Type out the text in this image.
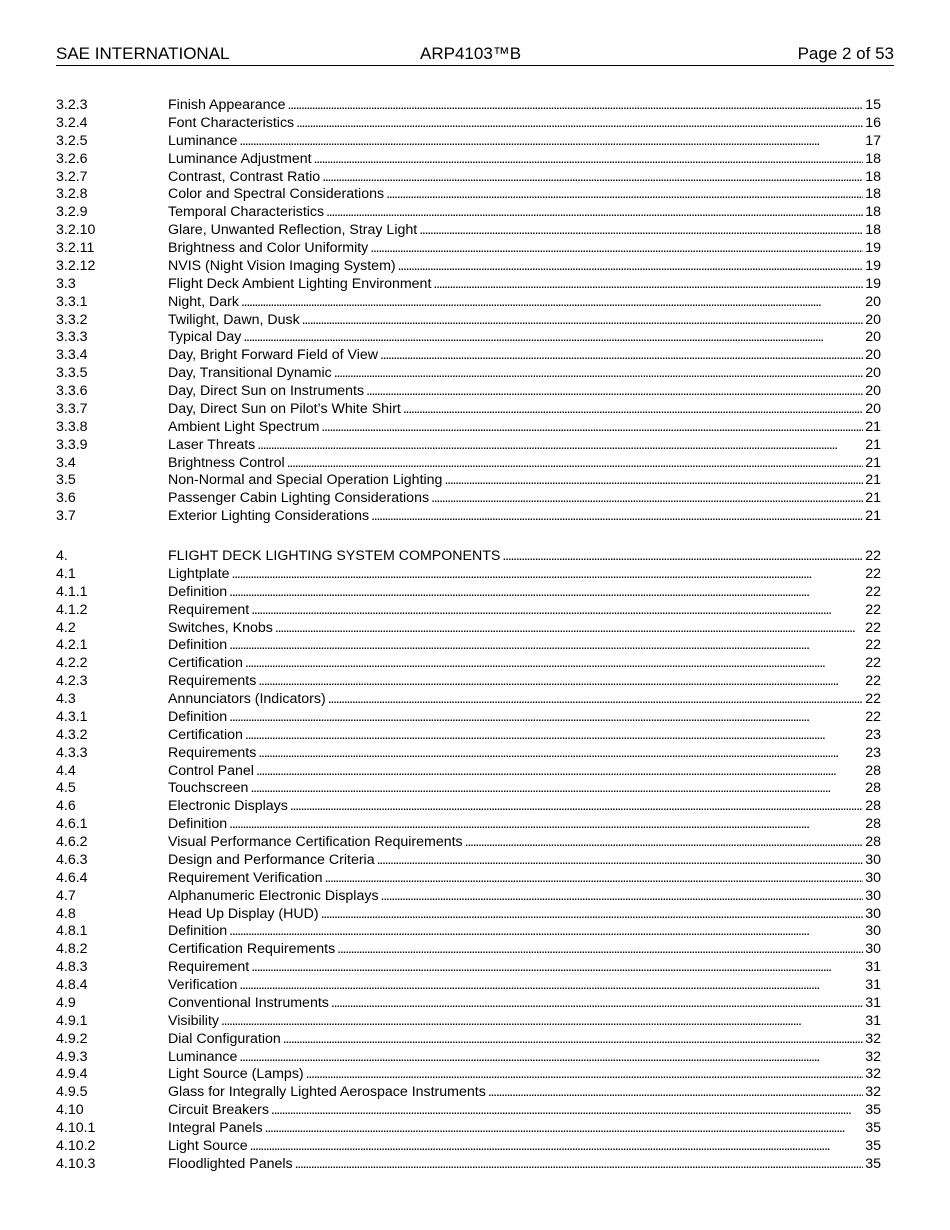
SAE INTERNATIONAL	ARP4103™B	Page 2 of 53
3.2.3	Finish Appearance . . .	15
3.2.4	Font Characteristics . . .	16
3.2.5	Luminance . . .	17
3.2.6	Luminance Adjustment . . .	18
3.2.7	Contrast, Contrast Ratio . . .	18
3.2.8	Color and Spectral Considerations . . .	18
3.2.9	Temporal Characteristics . . .	18
3.2.10	Glare, Unwanted Reflection, Stray Light . . .	18
3.2.11	Brightness and Color Uniformity . . .	19
3.2.12	NVIS (Night Vision Imaging System) . . .	19
3.3	Flight Deck Ambient Lighting Environment . . .	19
3.3.1	Night, Dark . . .	20
3.3.2	Twilight, Dawn, Dusk . . .	20
3.3.3	Typical Day . . .	20
3.3.4	Day, Bright Forward Field of View . . .	20
3.3.5	Day, Transitional Dynamic . . .	20
3.3.6	Day, Direct Sun on Instruments . . .	20
3.3.7	Day, Direct Sun on Pilot’s White Shirt . . .	20
3.3.8	Ambient Light Spectrum . . .	21
3.3.9	Laser Threats . . .	21
3.4	Brightness Control . . .	21
3.5	Non-Normal and Special Operation Lighting . . .	21
3.6	Passenger Cabin Lighting Considerations . . .	21
3.7	Exterior Lighting Considerations . . .	21
4.	FLIGHT DECK LIGHTING SYSTEM COMPONENTS . . .	22
4.1	Lightplate . . .	22
4.1.1	Definition . . .	22
4.1.2	Requirement . . .	22
4.2	Switches, Knobs . . .	22
4.2.1	Definition . . .	22
4.2.2	Certification . . .	22
4.2.3	Requirements . . .	22
4.3	Annunciators (Indicators) . . .	22
4.3.1	Definition . . .	22
4.3.2	Certification . . .	23
4.3.3	Requirements . . .	23
4.4	Control Panel . . .	28
4.5	Touchscreen . . .	28
4.6	Electronic Displays . . .	28
4.6.1	Definition . . .	28
4.6.2	Visual Performance Certification Requirements . . .	28
4.6.3	Design and Performance Criteria . . .	30
4.6.4	Requirement Verification . . .	30
4.7	Alphanumeric Electronic Displays . . .	30
4.8	Head Up Display (HUD) . . .	30
4.8.1	Definition . . .	30
4.8.2	Certification Requirements . . .	30
4.8.3	Requirement . . .	31
4.8.4	Verification . . .	31
4.9	Conventional Instruments . . .	31
4.9.1	Visibility . . .	31
4.9.2	Dial Configuration . . .	32
4.9.3	Luminance . . .	32
4.9.4	Light Source (Lamps) . . .	32
4.9.5	Glass for Integrally Lighted Aerospace Instruments . . .	32
4.10	Circuit Breakers . . .	35
4.10.1	Integral Panels . . .	35
4.10.2	Light Source . . .	35
4.10.3	Floodlighted Panels . . .	35
